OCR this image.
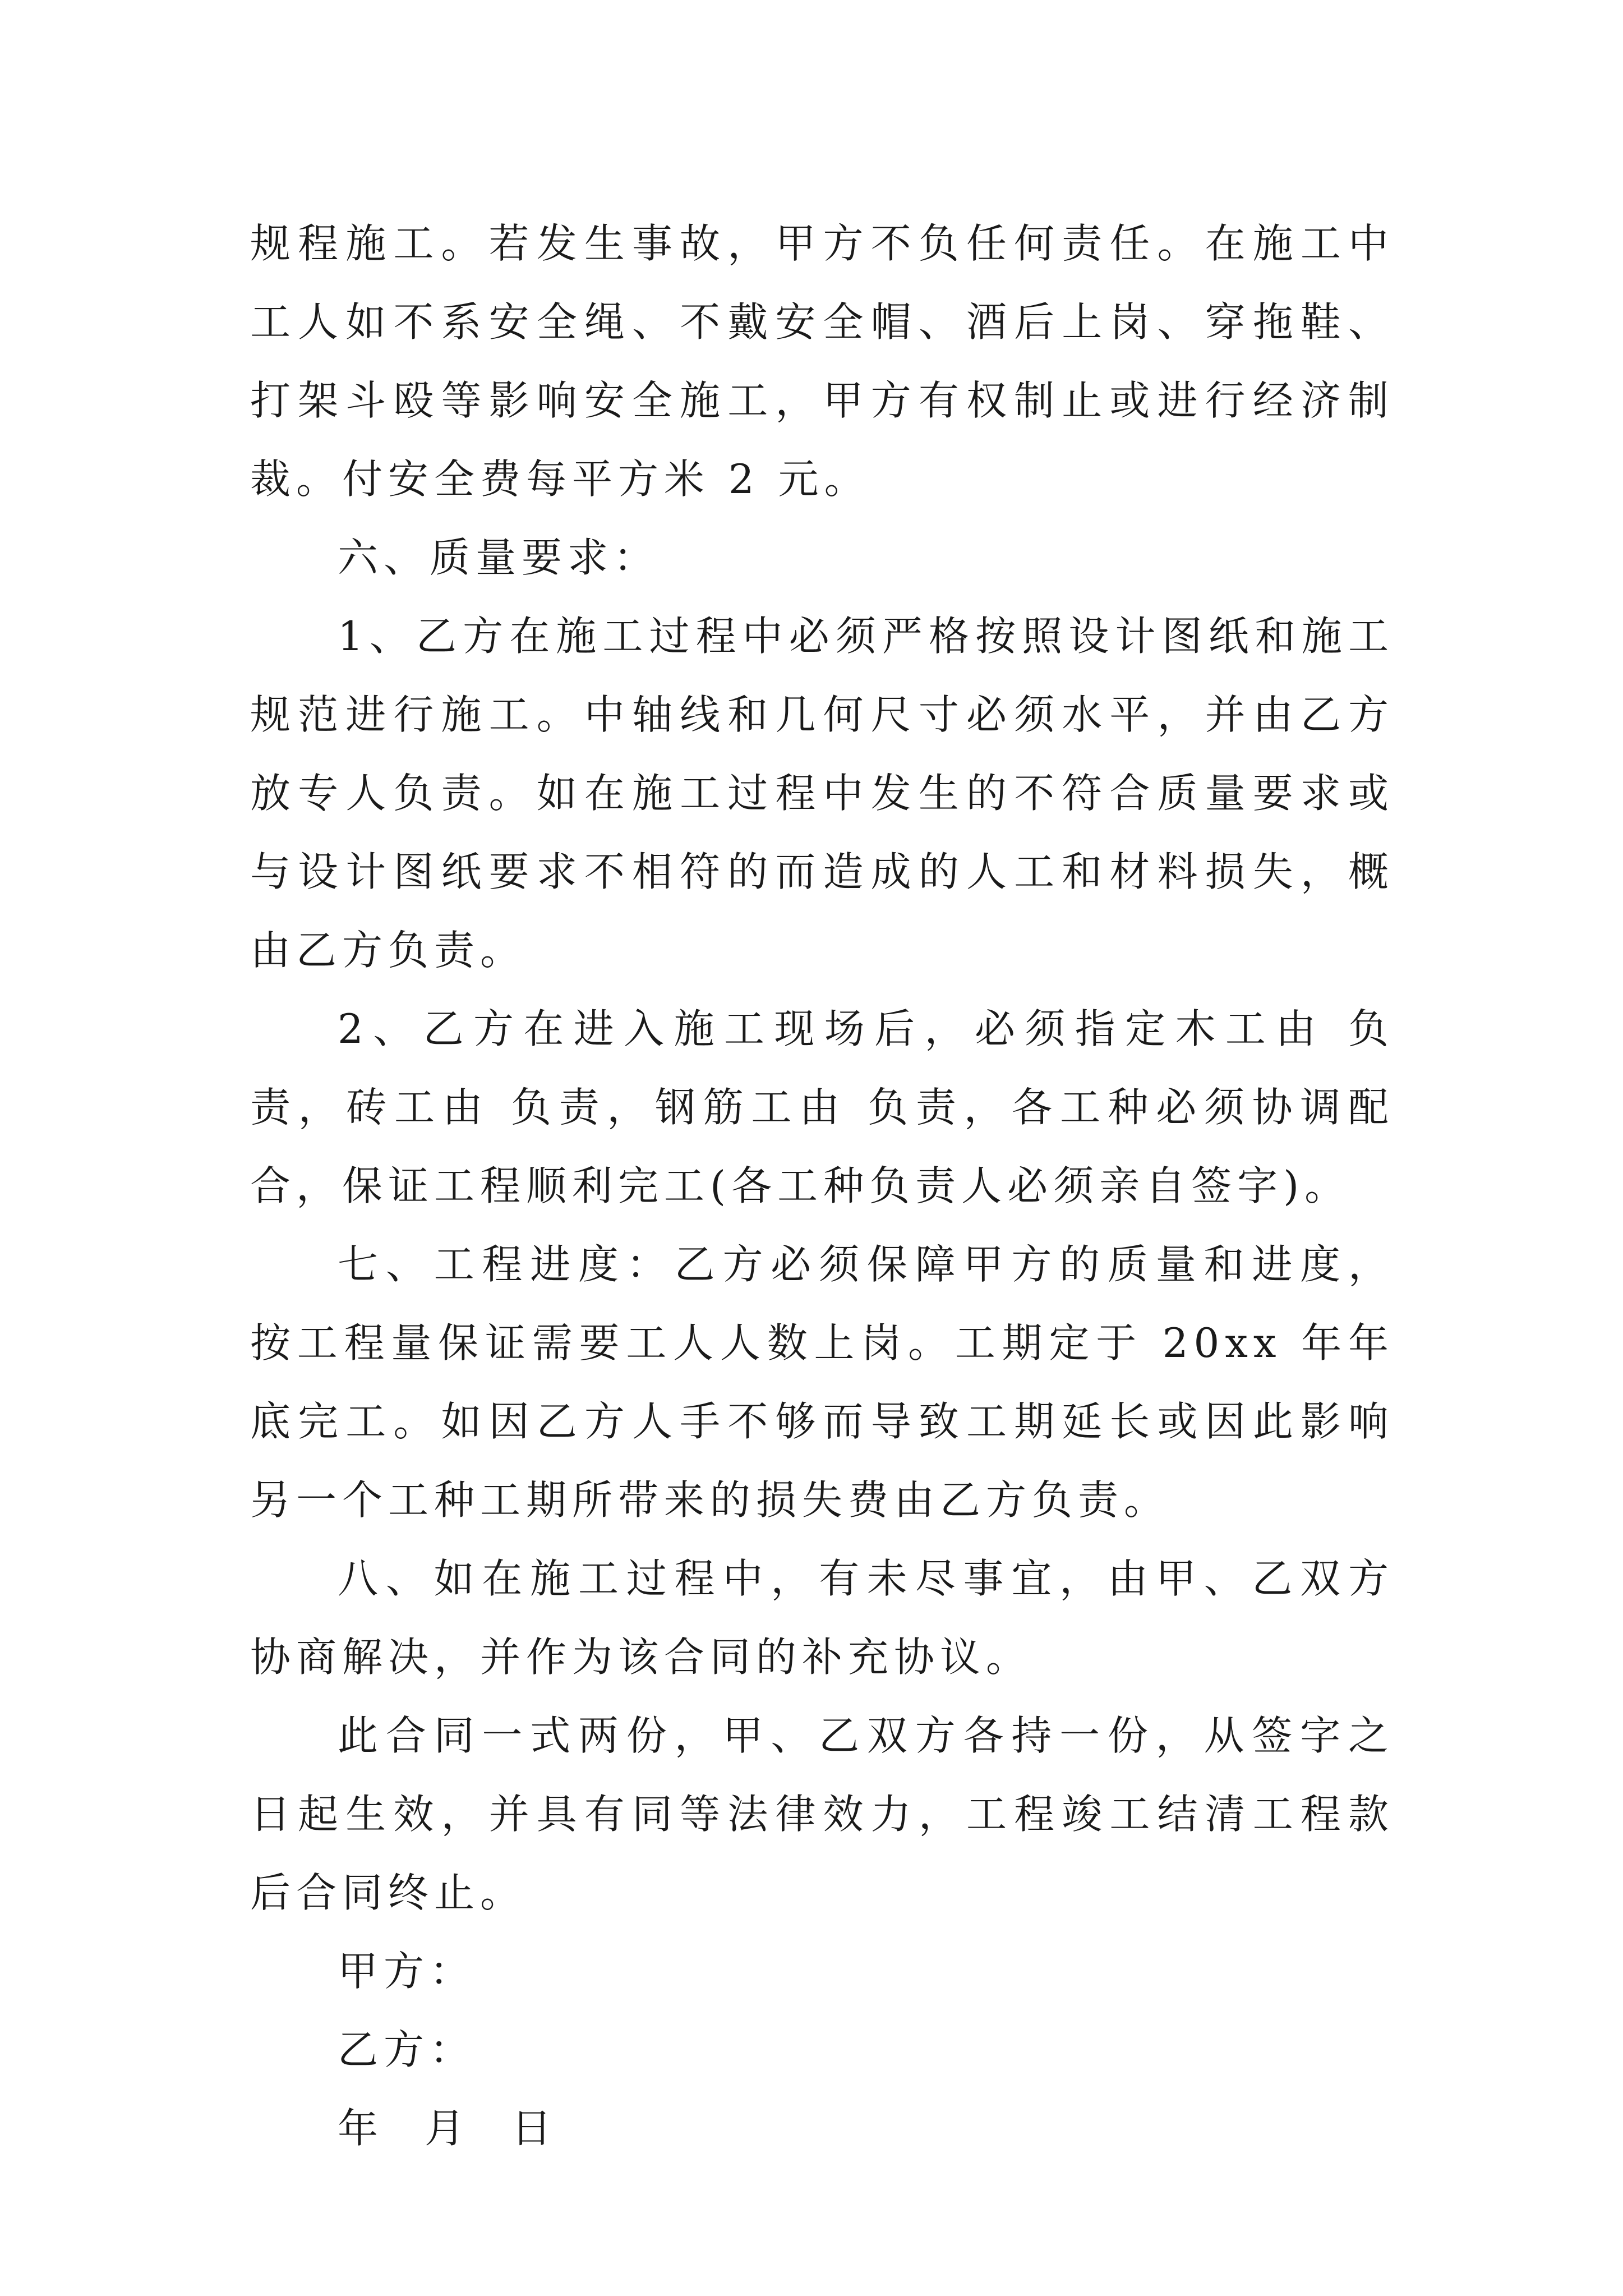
规程施工。若发生事故，甲方不负任何责任。在施工中工人如不系安全绳、不戴安全帽、酒后上岗、穿拖鞋、打架斗殴等影响安全施工，甲方有权制止或进行经济制裁。付安全费每平方米 2 元。

六、质量要求：

1、乙方在施工过程中必须严格按照设计图纸和施工规范进行施工。中轴线和几何尺寸必须水平，并由乙方放专人负责。如在施工过程中发生的不符合质量要求或与设计图纸要求不相符的而造成的人工和材料损失，概由乙方负责。

2、乙方在进入施工现场后，必须指定木工由 负责，砖工由 负责，钢筋工由 负责，各工种必须协调配合，保证工程顺利完工(各工种负责人必须亲自签字)。

七、工程进度：乙方必须保障甲方的质量和进度，按工程量保证需要工人人数上岗。工期定于 20xx 年年底完工。如因乙方人手不够而导致工期延长或因此影响另一个工种工期所带来的损失费由乙方负责。

八、如在施工过程中，有未尽事宜，由甲、乙双方协商解决，并作为该合同的补充协议。

此合同一式两份，甲、乙双方各持一份，从签字之日起生效，并具有同等法律效力，工程竣工结清工程款后合同终止。

甲方：

乙方：

年 月 日
